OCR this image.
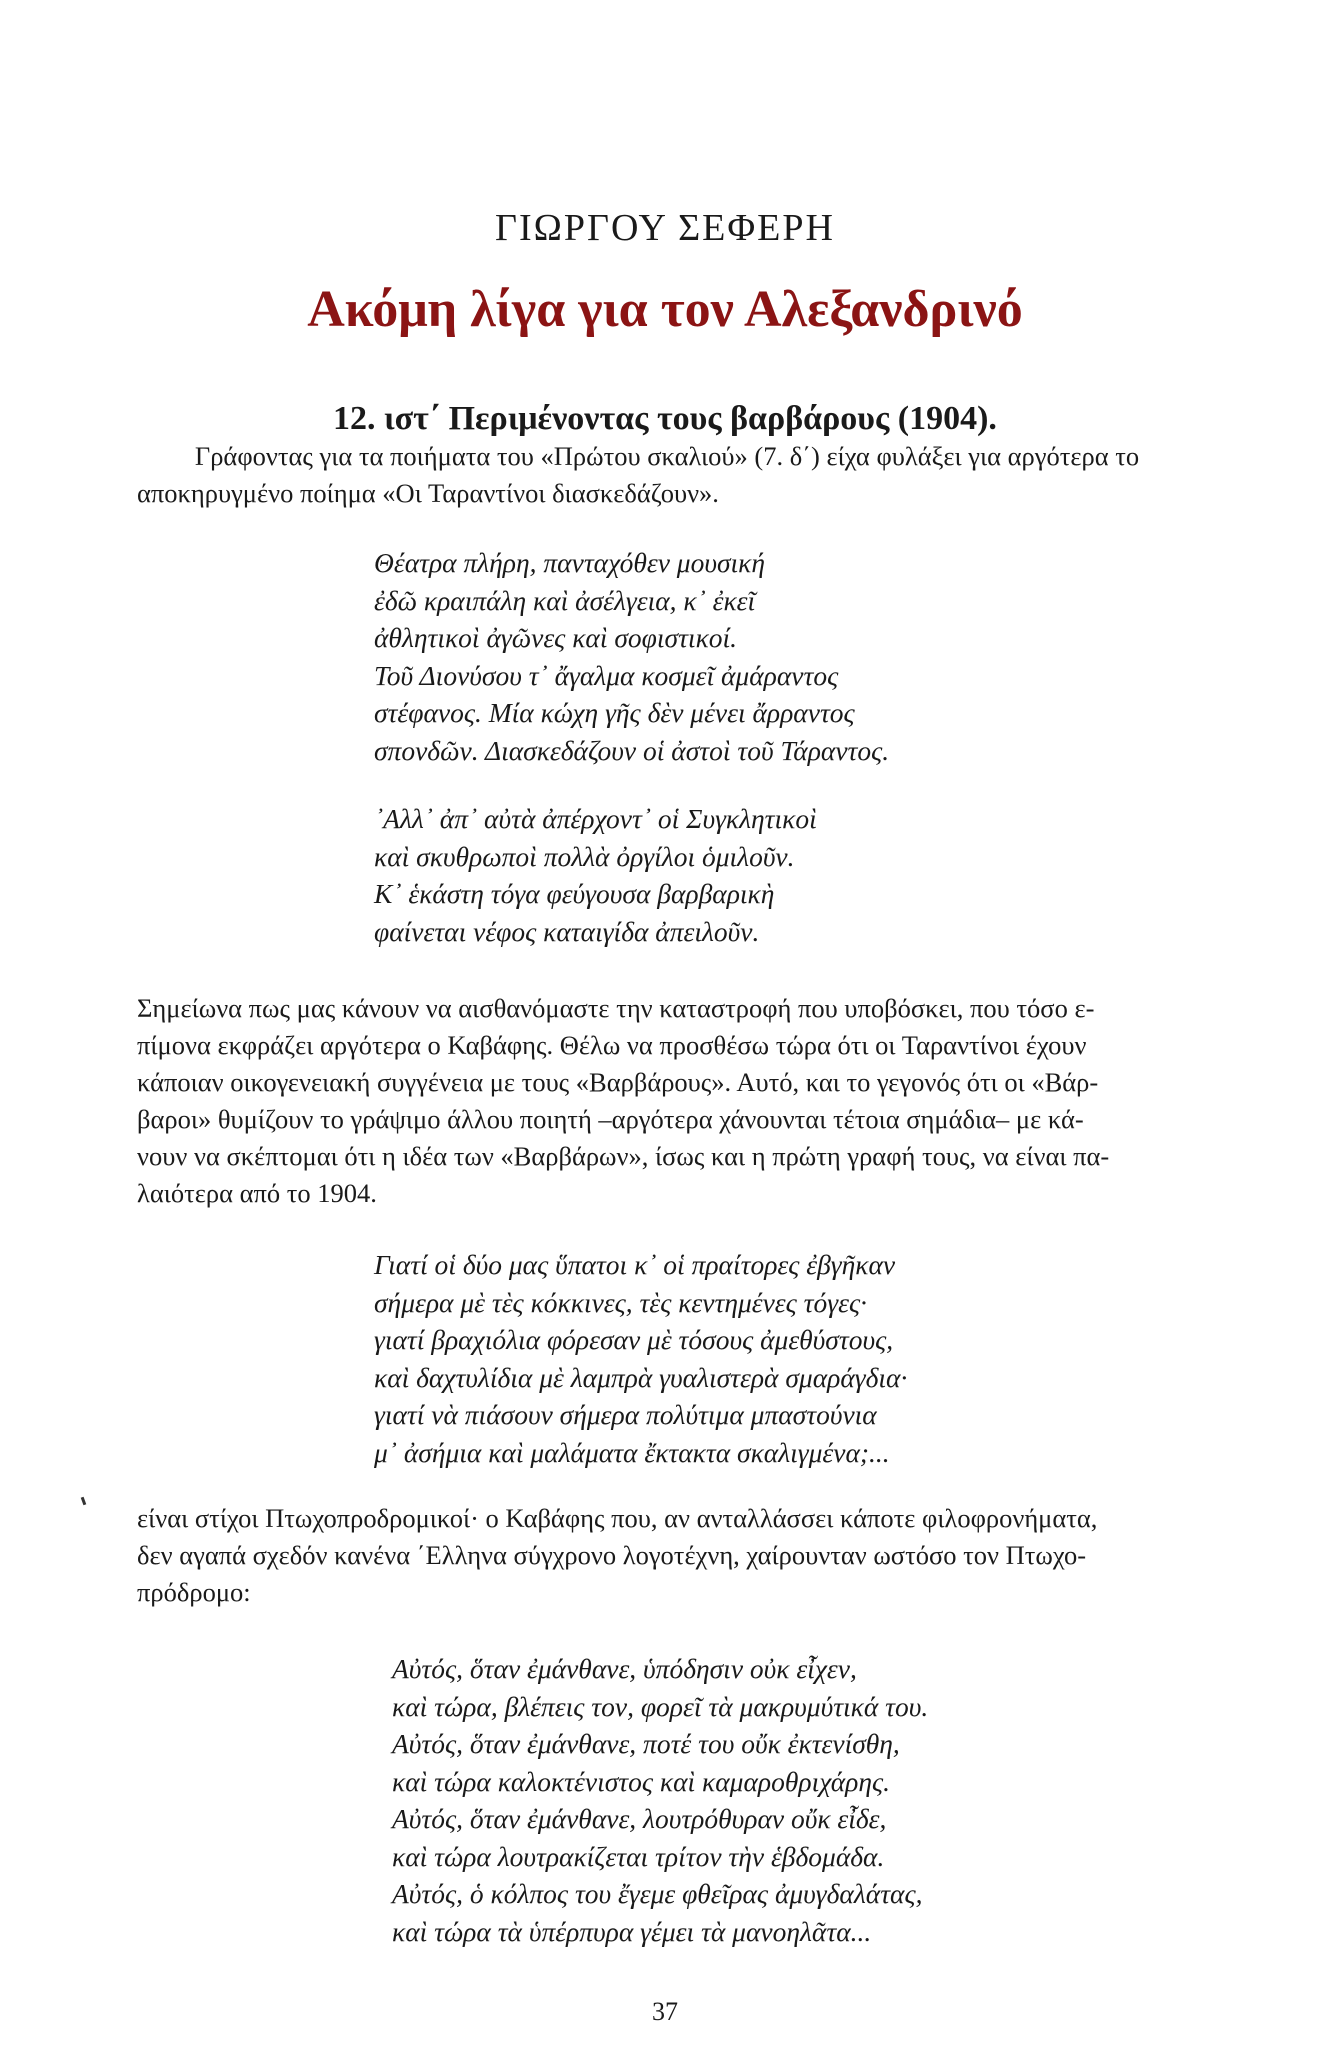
ΓΙΩΡΓΟΥ ΣΕΦΕΡΗ
Ακόμη λίγα για τον Αλεξανδρινό
12. ιστ΄ Περιμένοντας τους βαρβάρους (1904).
Γράφοντας για τα ποιήματα του «Πρώτου σκαλιού» (7. δ΄) είχα φυλάξει για αργότερα το
αποκηρυγμένο ποίημα «Οι Ταραντίνοι διασκεδάζουν».
Θέατρα πλήρη, πανταχόθεν μουσική
ἐδῶ κραιπάλη καὶ ἀσέλγεια, κ᾽ ἐκεῖ
ἀθλητικοὶ ἀγῶνες καὶ σοφιστικοί.
Τοῦ Διονύσου τ᾽ ἄγαλμα κοσμεῖ ἀμάραντος
στέφανος. Μία κώχη γῆς δὲν μένει ἄρραντος
σπονδῶν. Διασκεδάζουν οἱ ἀστοὶ τοῦ Τάραντος.
᾽Αλλ᾽ ἀπ᾽ αὐτὰ ἀπέρχοντ᾽ οἱ Συγκλητικοὶ
καὶ σκυθρωποὶ πολλὰ ὀργίλοι ὁμιλοῦν.
Κ᾽ ἑκάστη τόγα φεύγουσα βαρβαρικὴ
φαίνεται νέφος καταιγίδα ἀπειλοῦν.
Σημείωνα πως μας κάνουν να αισθανόμαστε την καταστροφή που υποβόσκει, που τόσο ε-
πίμονα εκφράζει αργότερα ο Καβάφης. Θέλω να προσθέσω τώρα ότι οι Ταραντίνοι έχουν
κάποιαν οικογενειακή συγγένεια με τους «Βαρβάρους». Αυτό, και το γεγονός ότι οι «Βάρ-
βαροι» θυμίζουν το γράψιμο άλλου ποιητή –αργότερα χάνουνται τέτοια σημάδια– με κά-
νουν να σκέπτομαι ότι η ιδέα των «Βαρβάρων», ίσως και η πρώτη γραφή τους, να είναι πα-
λαιότερα από το 1904.
Γιατί οἱ δύο μας ὕπατοι κ᾽ οἱ πραίτορες ἐβγῆκαν
σήμερα μὲ τὲς κόκκινες, τὲς κεντημένες τόγες·
γιατί βραχιόλια φόρεσαν μὲ τόσους ἀμεθύστους,
καὶ δαχτυλίδια μὲ λαμπρὰ γυαλιστερὰ σμαράγδια·
γιατί νὰ πιάσουν σήμερα πολύτιμα μπαστούνια
μ᾽ ἀσήμια καὶ μαλάματα ἔκτακτα σκαλιγμένα;...
είναι στίχοι Πτωχοπροδρομικοί· ο Καβάφης που, αν ανταλλάσσει κάποτε φιλοφρονήματα,
δεν αγαπά σχεδόν κανένα ΄Ελληνα σύγχρονο λογοτέχνη, χαίρουνταν ωστόσο τον Πτωχο-
πρόδρομο:
Αὐτός, ὅταν ἐμάνθανε, ὑπόδησιν οὐκ εἶχεν,
καὶ τώρα, βλέπεις τον, φορεῖ τὰ μακρυμύτικά του.
Αὐτός, ὅταν ἐμάνθανε, ποτέ του οὔκ ἐκτενίσθη,
καὶ τώρα καλοκτένιστος καὶ καμαροθριχάρης.
Αὐτός, ὅταν ἐμάνθανε, λουτρόθυραν οὔκ εἶδε,
καὶ τώρα λουτρακίζεται τρίτον τὴν ἑβδομάδα.
Αὐτός, ὁ κόλπος του ἔγεμε φθεῖρας ἀμυγδαλάτας,
καὶ τώρα τὰ ὑπέρπυρα γέμει τὰ μανοηλᾶτα...
37
